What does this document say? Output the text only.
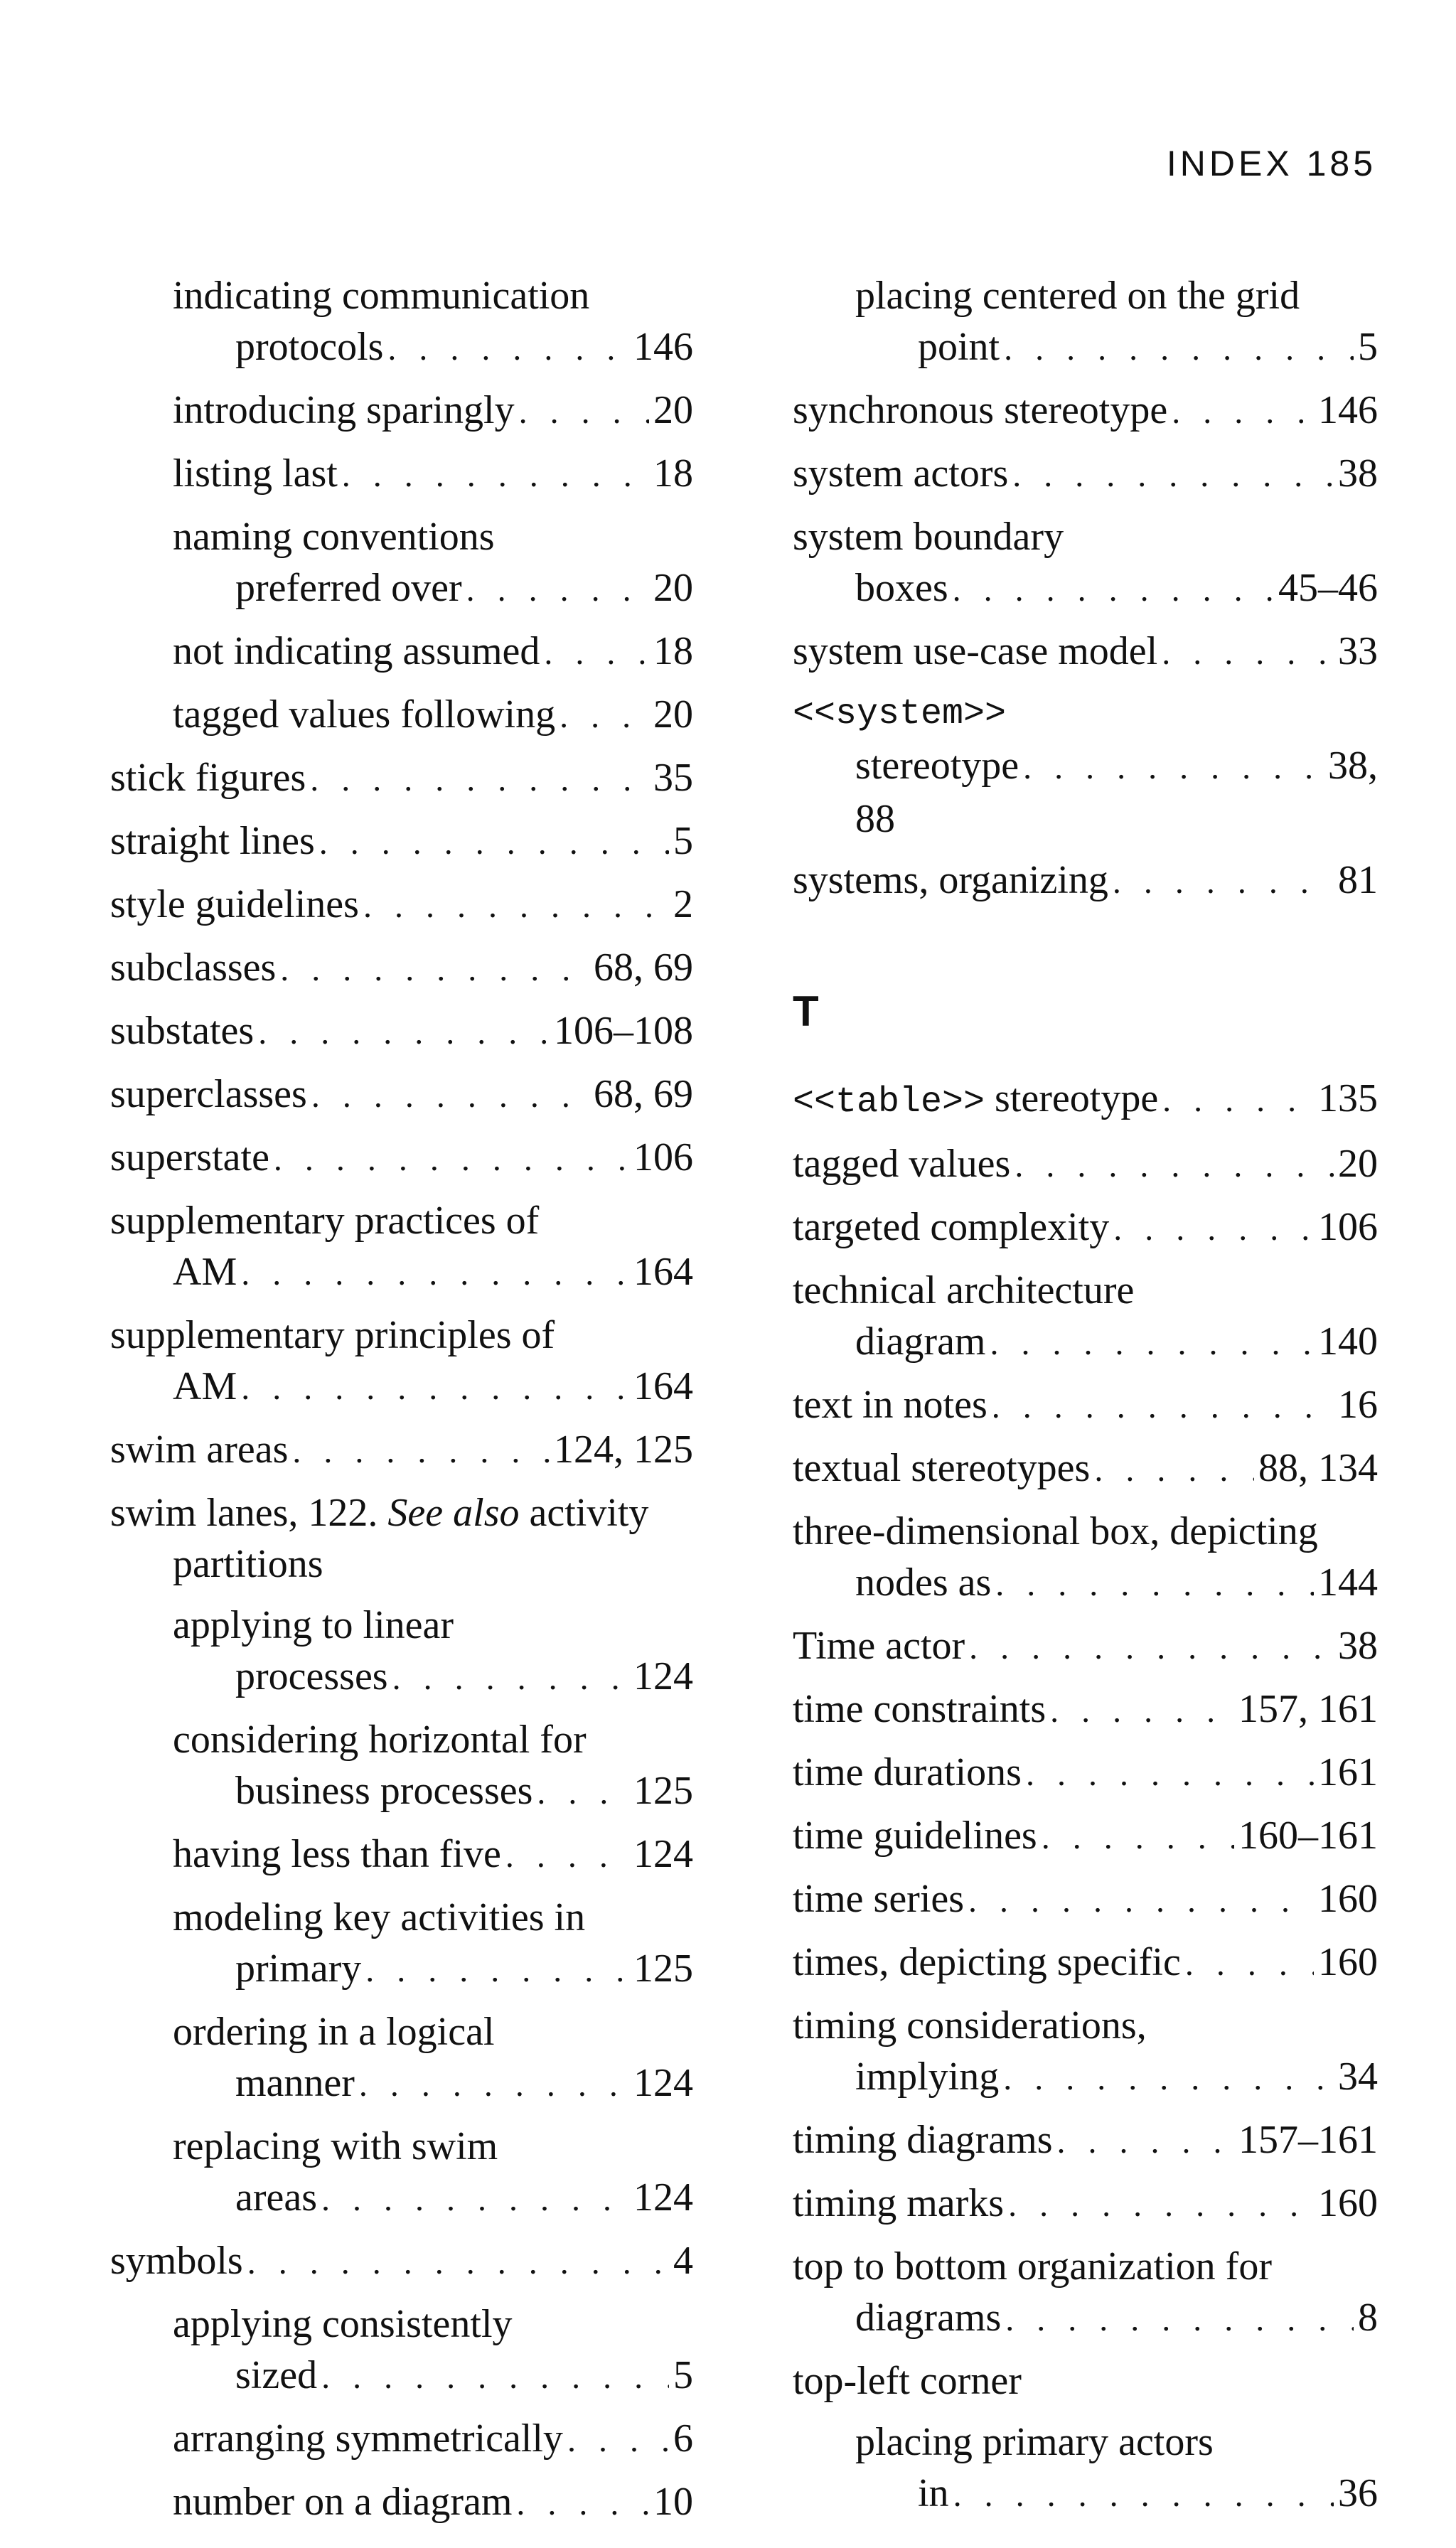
INDEX 185
indicating communication
protocols . . .	146
introducing sparingly . . .	20
listing last . . .	18
naming conventions
preferred over . . .	20
not indicating assumed . . .	18
tagged values following . . . 20
stick figures . . .	35
straight lines . . .	5
style guidelines . . .	2
subclasses . . .	68, 69
substates . . .	106–108
superclasses . . .	68, 69
superstate . . .	106
supplementary practices of
AM . . .	164
supplementary principles of
AM . . .	164
swim areas . . .	124, 125
swim lanes, 122. See also activity
partitions
applying to linear
processes . . .	124
considering horizontal for
business processes . . .	125
having less than five . . .	124
modeling key activities in
primary . . .	125
ordering in a logical
manner . . .	124
replacing with swim
areas . . .	124
symbols . . .	4
applying consistently
sized . . .	5
arranging symmetrically . . .	6
number on a diagram . . .	10
placing centered on the grid
point . . .	5
synchronous stereotype . . .	146
system actors . . .	38
system boundary
boxes . . .	45–46
system use-case model . . .	33
<<system>>
stereotype . . .	38,
88
systems, organizing . . .	81
T
<<table>> stereotype . . .	135
tagged values . . .	20
targeted complexity . . .	106
technical architecture
diagram . . .	140
text in notes . . .	16
textual stereotypes . . .	88, 134
three-dimensional box, depicting
nodes as . . .	144
Time actor . . .	38
time constraints . . .	157, 161
time durations . . .	161
time guidelines . . .	160–161
time series . . .	160
times, depicting specific . . .	160
timing considerations,
implying . . .	34
timing diagrams . . .	157–161
timing marks . . .	160
top to bottom organization for
diagrams . . .	8
top-left corner
placing primary actors
in . . .	36
